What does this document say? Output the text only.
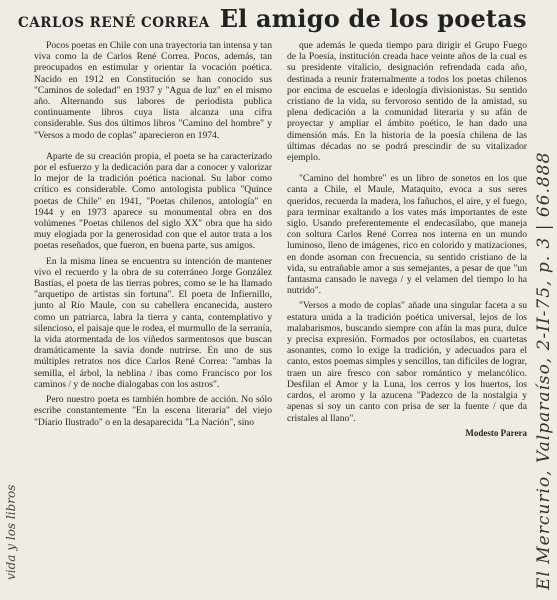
CARLOS RENÉ CORREA El amigo de los poetas

Pocos poetas en Chile con una trayectoria tan intensa y tan viva como la de Carlos René Correa. Pocos, además, tan preocupados en estimular y orientar la vocación poética. Nacido en 1912 en Constitución se han conocido sus "Caminos de soledad" en 1937 y "Agua de luz" en el mismo año. Alternando sus labores de periodista publica continuamente libros cuya lista alcanza una cifra considerable. Sus dos últimos libros "Camino del hombre" y "Versos a modo de coplas" aparecieron en 1974.

Aparte de su creación propia, el poeta se ha caracterizado por el esfuerzo y la dedicación para dar a conocer y valorizar lo mejor de la tradición poética nacional. Su labor como crítico es considerable. Como antologista publica "Quince poetas de Chile" en 1941, "Poetas chilenos, antología" en 1944 y en 1973 aparece su monumental obra en dos volúmenes "Poetas chilenos del siglo XX" obra que ha sido muy elogiada por la generosidad con que el autor trata a los poetas reseñados, que fueron, en buena parte, sus amigos.

En la misma línea se encuentra su intención de mantener vivo el recuerdo y la obra de su coterráneo Jorge González Bastías, el poeta de las tierras pobres, como se le ha llamado "arquetipo de artistas sin fortuna". El poeta de Infiernillo, junto al Río Maule, con su cabellera encanecida, austero como un patriarca, labra la tierra y canta, contemplativo y silencioso, el paisaje que le rodea, el murmullo de la serranía, la vida atormentada de los viñedos sarmentosos que buscan dramáticamente la savia donde nutrirse. En uno de sus múltiples retratos nos dice Carlos René Correa: "ambas la semilla, el árbol, la neblina / ibas como Francisco por los caminos / y de noche dialogabas con los astros".

Pero nuestro poeta es también hombre de acción. No sólo escribe constantemente "En la escena literaria" del viejo "Diario Ilustrado" o en la desaparecida "La Nación", sino

que además le queda tiempo para dirigir el Grupo Fuego de la Poesía, institución creada hace veinte años de la cual es su presidente vitalicio, designación refrendada cada año, destinada a reunir fraternalmente a todos los poetas chilenos por encima de escuelas e ideología divisionistas. Su sentido cristiano de la vida, su fervoroso sentido de la amistad, su plena dedicación a la comunidad literaria y su afán de proyectar y ampliar el ámbito poético, le han dado una dimensión más. En la historia de la poesía chilena de las últimas décadas no se podrá prescindir de su vitalizador ejemplo.

"Camino del hombre" es un libro de sonetos en los que canta a Chile, el Maule, Mataquito, evoca a sus seres queridos, recuerda la madera, los fañuchos, el aire, y el fuego, para terminar exaltando a los vates más importantes de este siglo. Usando preferentemente el endecasílabo, que maneja con soltura Carlos René Correa nos interna en un mundo luminoso, lleno de imágenes, rico en colorido y matizaciones, en donde asoman con frecuencia, su sentido cristiano de la vida, su entrañable amor a sus semejantes, a pesar de que "un fantasma cansado le navega / y el velamen del tiempo lo ha nutrido".

"Versos a modo de coplas" añade una singular faceta a su estatura unida a la tradición poética universal, lejos de los malabarismos, buscando siempre con afán la mas pura, dulce y precisa expresión. Formados por octosílabos, en cuartetas asonantes, como lo exige la tradición, y adecuados para el canto, estos poemas simples y sencillos, tan difíciles de lograr, traen un aire fresco con sabor romántico y melancólico. Desfilan el Amor y la Luna, los cerros y los huertos, los cardos, el aromo y la azucena "Padezco de la nostalgia y apenas si soy un canto con prisa de ser la fuente / que da cristales al llano".

Modesto Parera

vida y los libros	El Mercurio, Valparaíso, 2-II-75, p. 3 | 66.888
